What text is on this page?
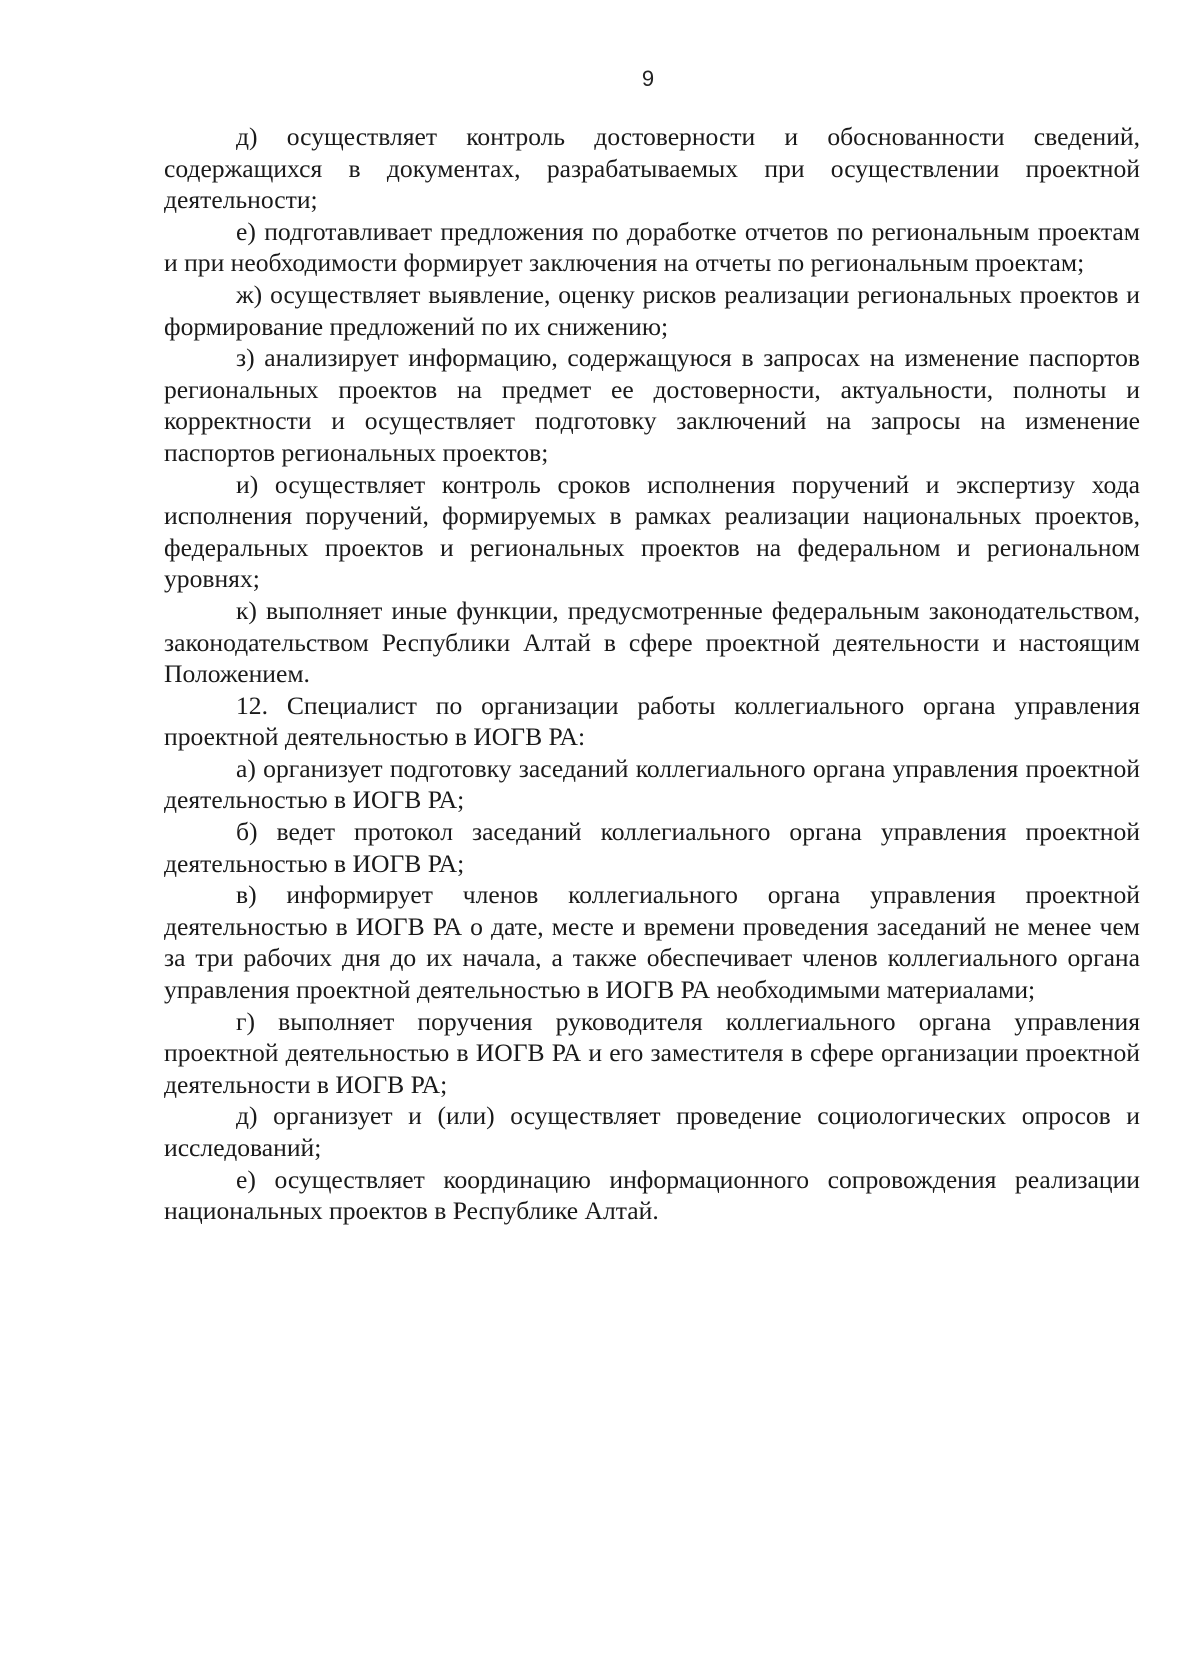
9

д) осуществляет контроль достоверности и обоснованности сведений, содержащихся в документах, разрабатываемых при осуществлении проектной деятельности;

е) подготавливает предложения по доработке отчетов по региональным проектам и при необходимости формирует заключения на отчеты по региональным проектам;

ж) осуществляет выявление, оценку рисков реализации региональных проектов и формирование предложений по их снижению;

з) анализирует информацию, содержащуюся в запросах на изменение паспортов региональных проектов на предмет ее достоверности, актуальности, полноты и корректности и осуществляет подготовку заключений на запросы на изменение паспортов региональных проектов;

и) осуществляет контроль сроков исполнения поручений и экспертизу хода исполнения поручений, формируемых в рамках реализации национальных проектов, федеральных проектов и региональных проектов на федеральном и региональном уровнях;

к) выполняет иные функции, предусмотренные федеральным законодательством, законодательством Республики Алтай в сфере проектной деятельности и настоящим Положением.

12. Специалист по организации работы коллегиального органа управления проектной деятельностью в ИОГВ РА:

а) организует подготовку заседаний коллегиального органа управления проектной деятельностью в ИОГВ РА;

б) ведет протокол заседаний коллегиального органа управления проектной деятельностью в ИОГВ РА;

в) информирует членов коллегиального органа управления проектной деятельностью в ИОГВ РА о дате, месте и времени проведения заседаний не менее чем за три рабочих дня до их начала, а также обеспечивает членов коллегиального органа управления проектной деятельностью в ИОГВ РА необходимыми материалами;

г) выполняет поручения руководителя коллегиального органа управления проектной деятельностью в ИОГВ РА и его заместителя в сфере организации проектной деятельности в ИОГВ РА;

д) организует и (или) осуществляет проведение социологических опросов и исследований;

е) осуществляет координацию информационного сопровождения реализации национальных проектов в Республике Алтай.
